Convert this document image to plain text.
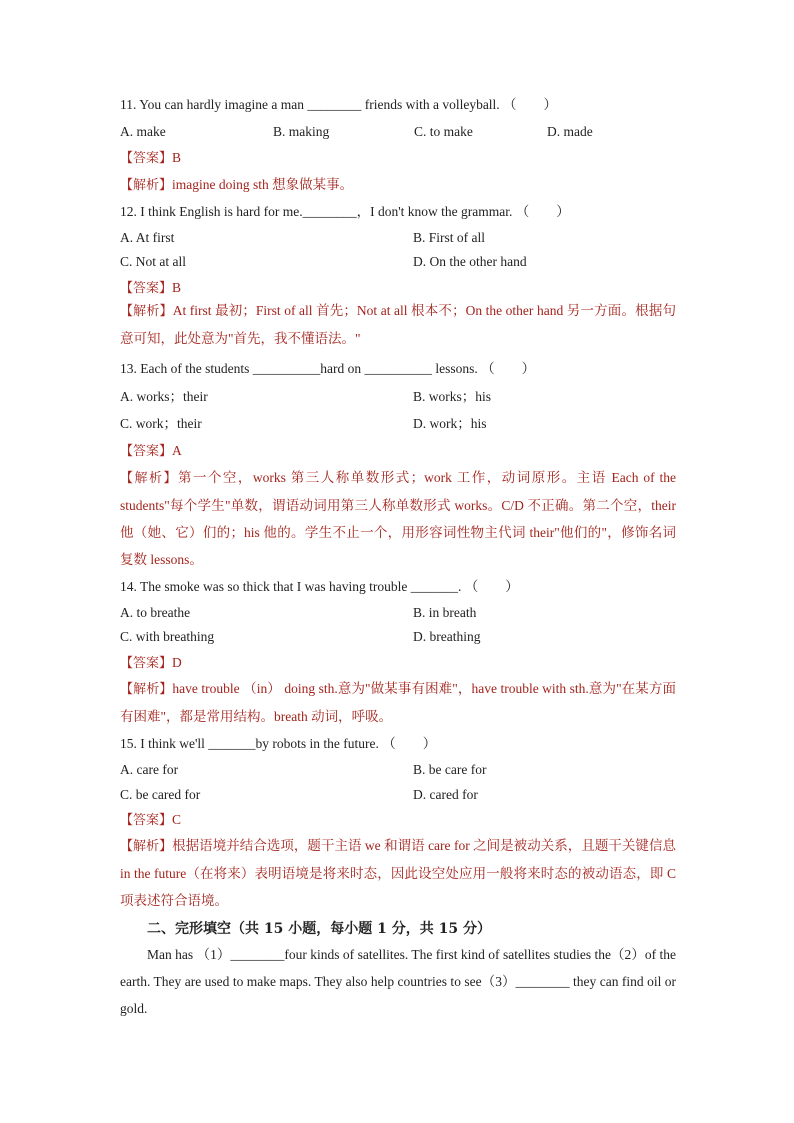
11. You can hardly imagine a man ________ friends with a volleyball. （　　）
A. make	B. making	C. to make	D. made
【答案】B
【解析】imagine doing sth 想象做某事。
12. I think English is hard for me.________，I don't know the grammar. （　　）
A. At first	B. First of all
C. Not at all	D. On the other hand
【答案】B
【解析】At first 最初；First of all 首先；Not at all 根本不；On the other hand 另一方面。根据句意可知，此处意为"首先，我不懂语法。"
13. Each of the students __________hard on __________ lessons. （　　）
A. works；their	B. works；his
C. work；their	D. work；his
【答案】A
【解析】第一个空，works 第三人称单数形式；work 工作，动词原形。主语 Each of the students"每个学生"单数，谓语动词用第三人称单数形式 works。C/D 不正确。第二个空，their 他（她、它）们的；his 他的。学生不止一个，用形容词性物主代词 their"他们的"，修饰名词复数 lessons。
14. The smoke was so thick that I was having trouble _______. （　　）
A. to breathe	B. in breath
C. with breathing	D. breathing
【答案】D
【解析】have trouble （in） doing sth.意为"做某事有困难"，have trouble with sth.意为"在某方面有困难"，都是常用结构。breath 动词，呼吸。
15. I think we'll _______by robots in the future. （　　）
A. care for	B. be care for
C. be cared for	D. cared for
【答案】C
【解析】根据语境并结合选项，题干主语 we 和谓语 care for 之间是被动关系，且题干关键信息 in the future（在将来）表明语境是将来时态，因此设空处应用一般将来时态的被动语态，即 C 项表述符合语境。
二、完形填空（共 15 小题，每小题 1 分，共 15 分）
Man has （1）________four kinds of satellites. The first kind of satellites studies the（2）of the earth. They are used to make maps. They also help countries to see（3）________ they can find oil or gold.
